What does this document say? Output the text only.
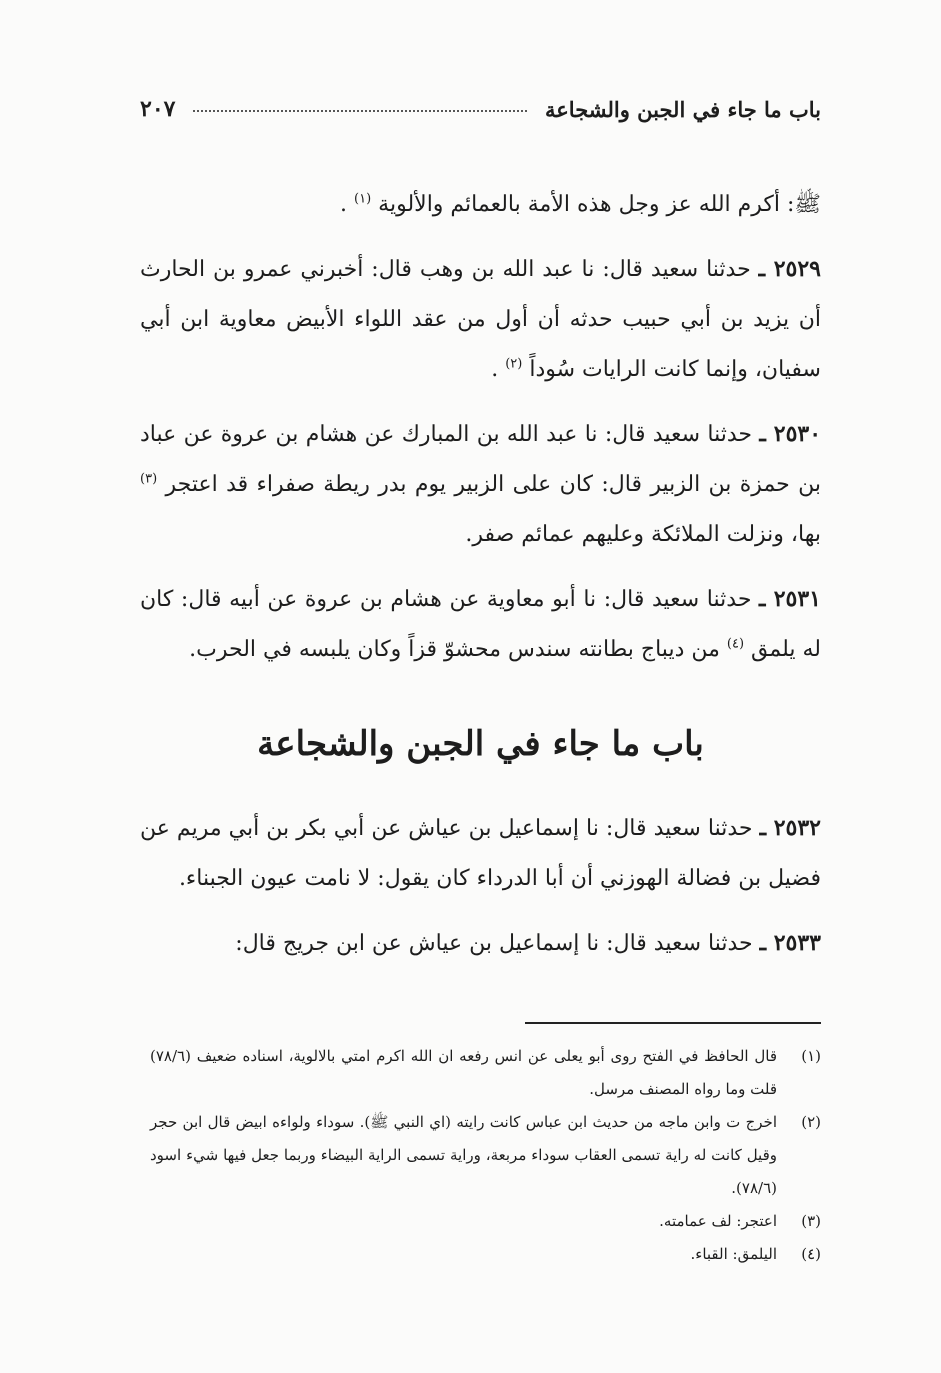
باب ما جاء في الجبن والشجاعة
٢٠٧

ﷺ: أكرم الله عز وجل هذه الأمة بالعمائم والألوية $^{(١)}$ .

٢٥٢٩ ـ حدثنا سعيد قال: نا عبد الله بن وهب قال: أخبرني عمرو بن الحارث أن يزيد بن أبي حبيب حدثه أن أول من عقد اللواء الأبيض معاوية ابن أبي سفيان، وإنما كانت الرايات سُوداً $^{(٢)}$ .

٢٥٣٠ ـ حدثنا سعيد قال: نا عبد الله بن المبارك عن هشام بن عروة عن عباد بن حمزة بن الزبير قال: كان على الزبير يوم بدر ريطة صفراء قد اعتجر $^{(٣)}$ بها، ونزلت الملائكة وعليهم عمائم صفر.

٢٥٣١ ـ حدثنا سعيد قال: نا أبو معاوية عن هشام بن عروة عن أبيه قال: كان له يلمق $^{(٤)}$ من ديباج بطانته سندس محشوّ قزاً وكان يلبسه في الحرب.

باب ما جاء في الجبن والشجاعة

٢٥٣٢ ـ حدثنا سعيد قال: نا إسماعيل بن عياش عن أبي بكر بن أبي مريم عن فضيل بن فضالة الهوزني أن أبا الدرداء كان يقول: لا نامت عيون الجبناء.

٢٥٣٣ ـ حدثنا سعيد قال: نا إسماعيل بن عياش عن ابن جريج قال:

(١)
قال الحافظ في الفتح روى أبو يعلى عن انس رفعه ان الله اكرم امتي بالالوية، اسناده ضعيف (٧٨/٦) قلت وما رواه المصنف مرسل.
(٢)
اخرج ت وابن ماجه من حديث ابن عباس كانت رايته (اي النبي ﷺ). سوداء ولواءه ابيض قال ابن حجر وقيل كانت له راية تسمى العقاب سوداء مربعة، وراية تسمى الراية البيضاء وربما جعل فيها شيء اسود (٧٨/٦).
(٣)
اعتجر: لف عمامته.
(٤)
اليلمق: القباء.
